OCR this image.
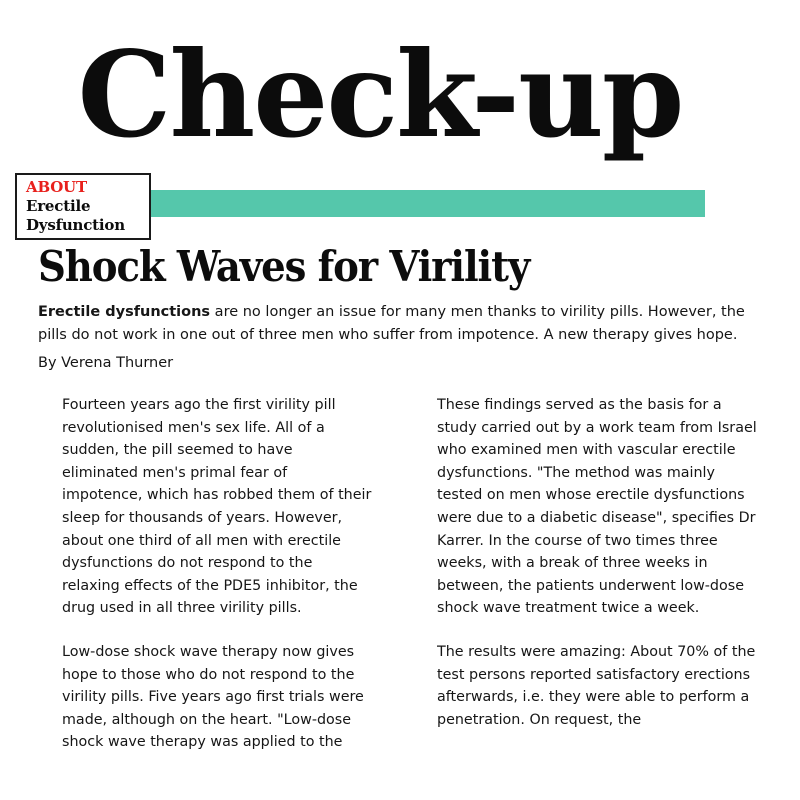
Check-up
ABOUT
Erectile
Dysfunction
Shock Waves for Virility
Erectile dysfunctions are no longer an issue for many men thanks to virility pills. However, the pills do not work in one out of three men who suffer from impotence. A new therapy gives hope.
By Verena Thurner

Fourteen years ago the first virility pill revolutionised men's sex life. All of a sudden, the pill seemed to have eliminated men's primal fear of impotence, which has robbed them of their sleep for thousands of years. However, about one third of all men with erectile dysfunctions do not respond to the relaxing effects of the PDE5 inhibitor, the drug used in all three virility pills.

Low-dose shock wave therapy now gives hope to those who do not respond to the virility pills. Five years ago first trials were made, although on the heart. "Low-dose shock wave therapy was applied to the

These findings served as the basis for a study carried out by a work team from Israel who examined men with vascular erectile dysfunctions. "The method was mainly tested on men whose erectile dysfunctions were due to a diabetic disease", specifies Dr Karrer. In the course of two times three weeks, with a break of three weeks in between, the patients underwent low-dose shock wave treatment twice a week.

The results were amazing: About 70% of the test persons reported satisfactory erections afterwards, i.e. they were able to perform a penetration. On request, the
